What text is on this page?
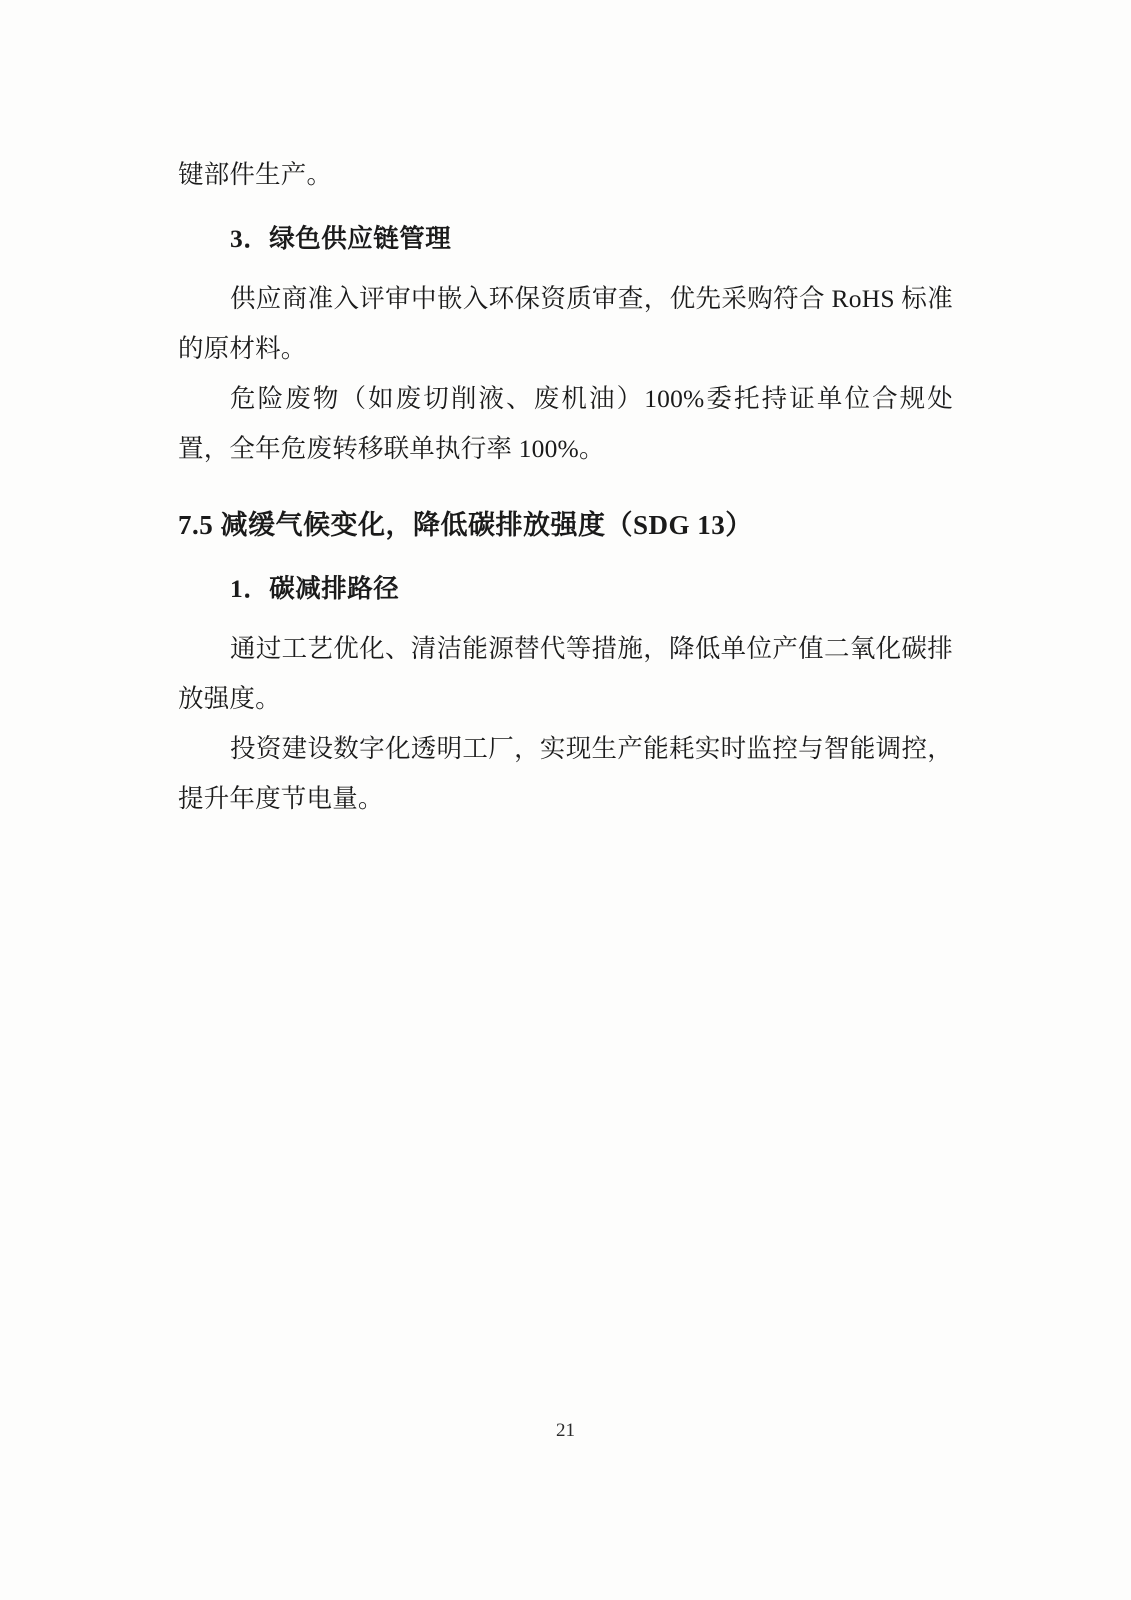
键部件生产。

3．绿色供应链管理

供应商准入评审中嵌入环保资质审查，优先采购符合 RoHS 标准的原材料。

危险废物（如废切削液、废机油）100%委托持证单位合规处置，全年危废转移联单执行率 100%。

7.5 减缓气候变化，降低碳排放强度（SDG 13）
1．碳减排路径

通过工艺优化、清洁能源替代等措施，降低单位产值二氧化碳排放强度。

投资建设数字化透明工厂，实现生产能耗实时监控与智能调控，提升年度节电量。

21
